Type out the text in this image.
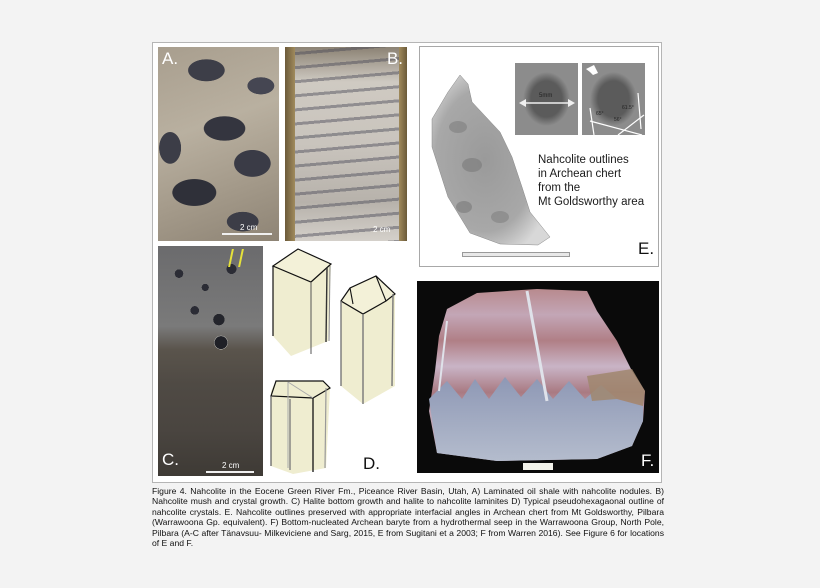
A.
2 cm
B.
2 cm
C.	2 cm	D.
5mm
65°
61.5°
56°
Nahcolite outlines
in Archean chert
from the
Mt Goldsworthy area
E.
F.

Figure 4. Nahcolite in the Eocene Green River Fm., Piceance River Basin, Utah, A) Laminated oil shale with nahcolite nodules. B) Nahcolite mush and crystal growth. C) Halite bottom growth and halite to nahcolite laminites D) Typical pseudohexagaonal outline of nahcolite crystals. E. Nahcolite outlines preserved with appropriate interfacial angles in Archean chert from Mt Goldsworthy, Pilbara (Warrawoona Gp. equivalent). F) Bottom-nucleated Archean baryte from a hydrothermal seep in the Warrawoona Group, North Pole, Pilbara (A-C after Tänavsuu- Milkeviciene and Sarg, 2015, E from Sugitani et a 2003; F from Warren 2016). See Figure 6 for locations of E and F.
